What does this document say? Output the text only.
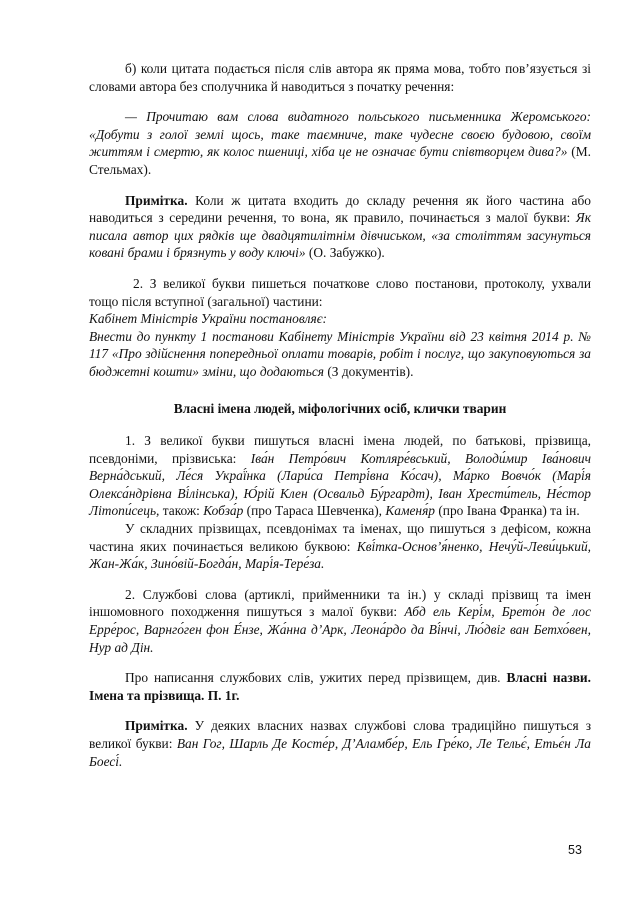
б) коли цитата подається після слів автора як пряма мова, тобто пов’язується зі словами автора без сполучника й наводиться з початку речення:

— Прочитаю вам слова видатного польського письменника Жеромського: «Добути з голої землі щось, таке таємниче, таке чудесне своєю будовою, своїм життям і смертю, як колос пшениці, хіба це не означає бути співтворцем дива?» (М. Стельмах).

Примітка. Коли ж цитата входить до складу речення як його частина або наводиться з середини речення, то вона, як правило, починається з малої букви: Як писала автор цих рядків ще двадцятилітнім дівчиськом, «за століттям засунуться ковані брами і брязнуть у воду ключі» (О. Забужко).

2. З великої букви пишеться початкове слово постанови, протоколу, ухвали тощо після вступної (загальної) частини:

Кабінет Міністрів України постановляє:

Внести до пункту 1 постанови Кабінету Міністрів України від 23 квітня 2014 р. № 117 «Про здійснення попередньої оплати товарів, робіт і послуг, що закуповуються за бюджетні кошти» зміни, що додаються (З документів).

Власні імена людей, міфологічних осіб, клички тварин

1. З великої букви пишуться власні імена людей, по батькові, прізвища, псевдоніми, прізвиська: Іва́н Петро́вич Котляре́вський, Володи́мир Іва́нович Верна́дський, Ле́ся Украї́нка (Лари́са Петрі́вна Ко́сач), Ма́рко Вовчо́к (Марі́я Олекса́ндрівна Ві́лінська), Ю́рій Клен (Освальд Бу́ргардт), Іван Хрести́тель, Не́стор Літопи́сець, також: Кобза́р (про Тараса Шевченка), Каменя́р (про Івана Франка) та ін.

У складних прізвищах, псевдонімах та іменах, що пишуться з дефісом, кожна частина яких починається великою буквою: Кві́тка-Основ’я́ненко, Нечу́й-Леви́цький, Жан-Жа́к, Зино́вій-Богда́н, Марі́я-Тере́за.

2. Службові слова (артиклі, прийменники та ін.) у складі прізвищ та імен іншомовного походження пишуться з малої букви: Абд ель Кері́м, Брето́н де лос Ерре́рос, Варнго́ген фон Е́нзе, Жа́нна д’Арк, Леона́рдо да Ві́нчі, Лю́двіг ван Бетхо́вен, Нур ад Дін.

Про написання службових слів, ужитих перед прізвищем, див. Власні назви. Імена та прізвища. П. 1г.

Примітка. У деяких власних назвах службові слова традиційно пишуться з великої букви: Ван Гог, Шарль Де Косте́р, Д’Аламбе́р, Ель Гре́ко, Ле Тельє́, Етьє́н Ла Боесі́.

53
